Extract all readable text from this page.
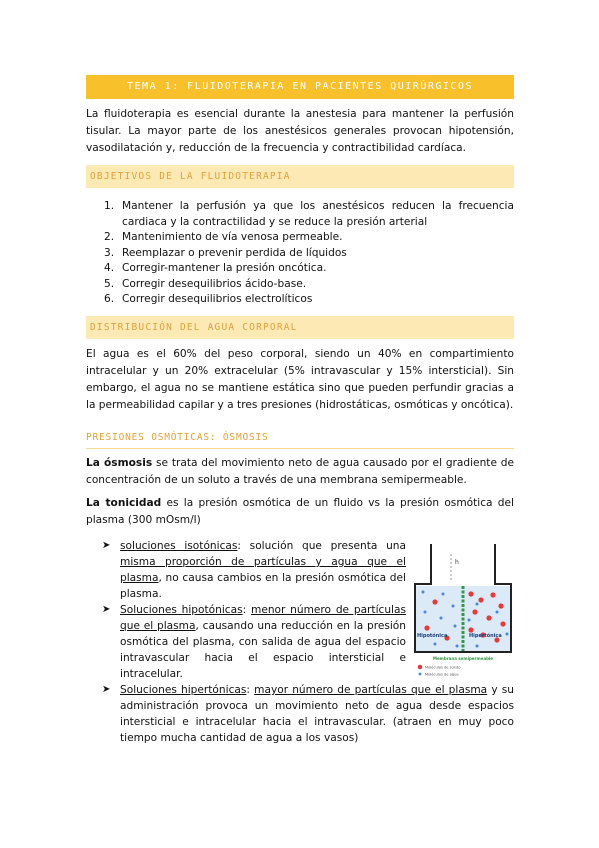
TEMA 1: FLUIDOTERAPIA EN PACIENTES QUIRÚRGICOS

La fluidoterapia es esencial durante la anestesia para mantener la perfusión tisular. La mayor parte de los anestésicos generales provocan hipotensión, vasodilatación y, reducción de la frecuencia y contractibilidad cardíaca.

OBJETIVOS DE LA FLUIDOTERAPIA
1. Mantener la perfusión ya que los anestésicos reducen la frecuencia cardiaca y la contractilidad y se reduce la presión arterial
2. Mantenimiento de vía venosa permeable.
3. Reemplazar o prevenir perdida de líquidos
4. Corregir-mantener la presión oncótica.
5. Corregir desequilibrios ácido-base.
6. Corregir desequilibrios electrolíticos
DISTRIBUCIÓN DEL AGUA CORPORAL

El agua es el 60% del peso corporal, siendo un 40% en compartimiento intracelular y un 20% extracelular (5% intravascular y 15% intersticial). Sin embargo, el agua no se mantiene estática sino que pueden perfundir gracias a la permeabilidad capilar y a tres presiones (hidrostáticas, osmóticas y oncótica).

PRESIONES OSMÓTICAS: ÓSMOSIS

La ósmosis se trata del movimiento neto de agua causado por el gradiente de concentración de un soluto a través de una membrana semipermeable.

La tonicidad es la presión osmótica de un fluido vs la presión osmótica del plasma (300 mOsm/l)

➤ soluciones isotónicas: solución que presenta una misma proporción de partículas y agua que el plasma, no causa cambios en la presión osmótica del plasma.
➤ Soluciones hipotónicas: menor número de partículas que el plasma, causando una reducción en la presión osmótica del plasma, con salida de agua del espacio intravascular hacia el espacio intersticial e intracelular.
➤ Soluciones hipertónicas: mayor número de partículas que el plasma y su administración provoca un movimiento neto de agua desde espacios intersticial e intracelular hacia el intravascular. (atraen en muy poco tiempo mucha cantidad de agua a los vasos)
h
Hipotónica	Hipertónica
Membrana semipermeable
Moléculas de soluto
Moléculas de agua
